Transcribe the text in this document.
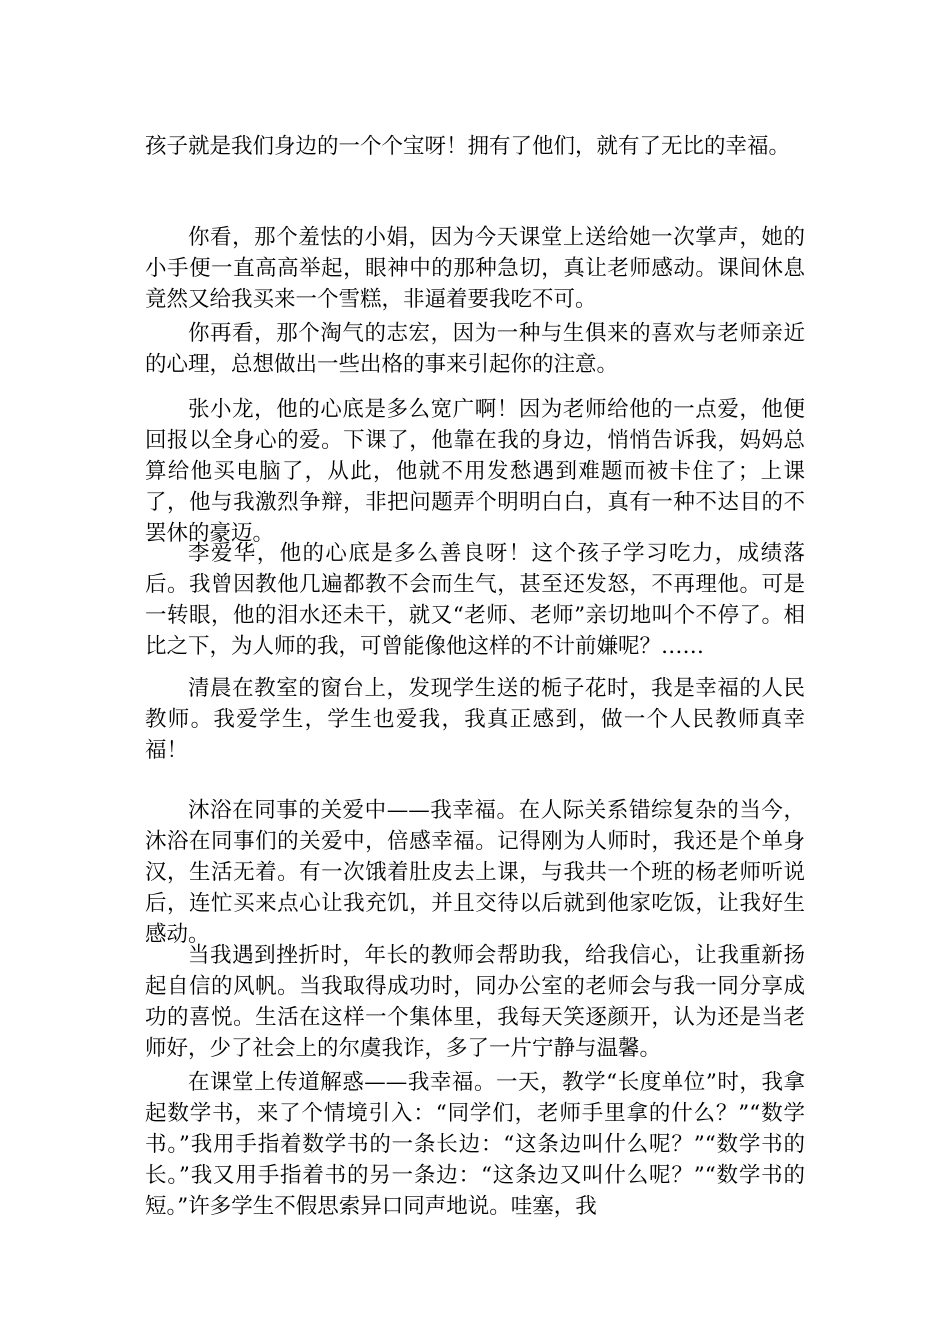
孩子就是我们身边的一个个宝呀！拥有了他们，就有了无比的幸福。

你看，那个羞怯的小娟，因为今天课堂上送给她一次掌声，她的小手便一直高高举起，眼神中的那种急切，真让老师感动。课间休息竟然又给我买来一个雪糕，非逼着要我吃不可。

你再看，那个淘气的志宏，因为一种与生俱来的喜欢与老师亲近的心理，总想做出一些出格的事来引起你的注意。

张小龙，他的心底是多么宽广啊！因为老师给他的一点爱，他便回报以全身心的爱。下课了，他靠在我的身边，悄悄告诉我，妈妈总算给他买电脑了，从此，他就不用发愁遇到难题而被卡住了；上课了，他与我激烈争辩，非把问题弄个明明白白，真有一种不达目的不罢休的豪迈。

李爱华，他的心底是多么善良呀！这个孩子学习吃力，成绩落后。我曾因教他几遍都教不会而生气，甚至还发怒，不再理他。可是一转眼，他的泪水还未干，就又“老师、老师”亲切地叫个不停了。相比之下，为人师的我，可曾能像他这样的不计前嫌呢？……

清晨在教室的窗台上，发现学生送的栀子花时，我是幸福的人民教师。我爱学生，学生也爱我，我真正感到，做一个人民教师真幸福！

沐浴在同事的关爱中——我幸福。在人际关系错综复杂的当今，沐浴在同事们的关爱中，倍感幸福。记得刚为人师时，我还是个单身汉，生活无着。有一次饿着肚皮去上课，与我共一个班的杨老师听说后，连忙买来点心让我充饥，并且交待以后就到他家吃饭，让我好生感动。

当我遇到挫折时，年长的教师会帮助我，给我信心，让我重新扬起自信的风帆。当我取得成功时，同办公室的老师会与我一同分享成功的喜悦。生活在这样一个集体里，我每天笑逐颜开，认为还是当老师好，少了社会上的尔虞我诈，多了一片宁静与温馨。

在课堂上传道解惑——我幸福。一天，教学“长度单位”时，我拿起数学书，来了个情境引入：“同学们，老师手里拿的什么？”“数学书。”我用手指着数学书的一条长边：“这条边叫什么呢？”“数学书的长。”我又用手指着书的另一条边：“这条边又叫什么呢？”“数学书的短。”许多学生不假思索异口同声地说。哇塞，我
